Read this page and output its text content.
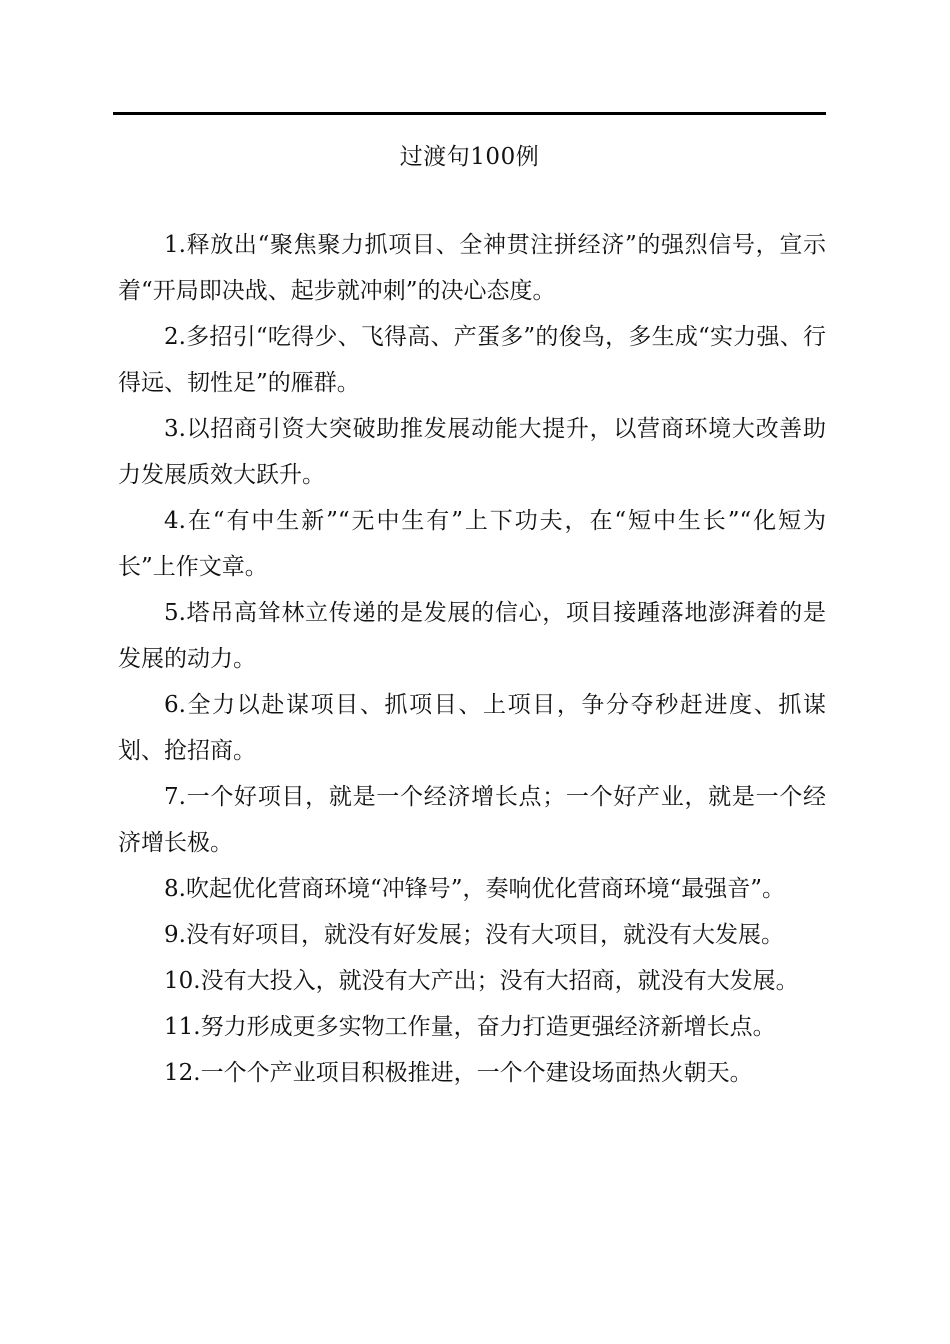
过渡句100例

1.释放出“聚焦聚力抓项目、全神贯注拼经济”的强烈信号，宣示着“开局即决战、起步就冲刺”的决心态度。

2.多招引“吃得少、飞得高、产蛋多”的俊鸟，多生成“实力强、行得远、韧性足”的雁群。

3.以招商引资大突破助推发展动能大提升，以营商环境大改善助力发展质效大跃升。

4.在“有中生新”“无中生有”上下功夫，在“短中生长”“化短为长”上作文章。

5.塔吊高耸林立传递的是发展的信心，项目接踵落地澎湃着的是发展的动力。

6.全力以赴谋项目、抓项目、上项目，争分夺秒赶进度、抓谋划、抢招商。

7.一个好项目，就是一个经济增长点；一个好产业，就是一个经济增长极。

8.吹起优化营商环境“冲锋号”，奏响优化营商环境“最强音”。

9.没有好项目，就没有好发展；没有大项目，就没有大发展。

10.没有大投入，就没有大产出；没有大招商，就没有大发展。

11.努力形成更多实物工作量，奋力打造更强经济新增长点。

12.一个个产业项目积极推进，一个个建设场面热火朝天。
